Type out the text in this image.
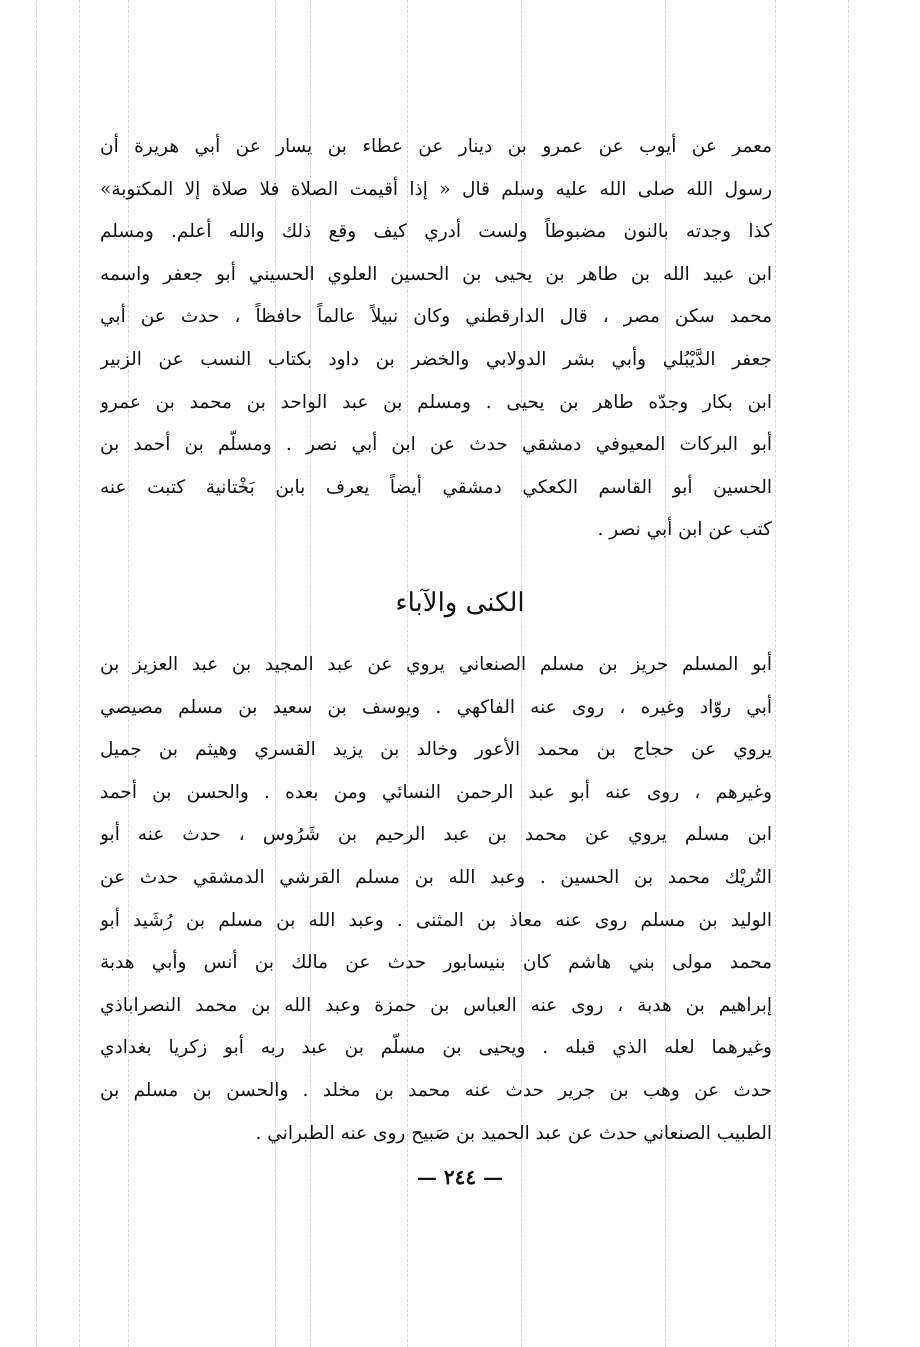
معمر عن أيوب عن عمرو بن دينار عن عطاء بن يسار عن أبي هريرة أن
رسول الله صلى الله عليه وسلم قال « إذا أقيمت الصلاة فلا صلاة إلا المكتوبة»
كذا وجدته بالنون مضبوطاً ولست أدري كيف وقع ذلك والله أعلم. ومسلم
ابن عبيد الله بن طاهر بن يحيى بن الحسين العلوي الحسيني أبو جعفر واسمه
محمد سكن مصر ، قال الدارقطني وكان نبيلاً عالماً حافظاً ، حدث عن أبي
جعفر الدَّيْبُلي وأبي بشر الدولابي والخضر بن داود بكتاب النسب عن الزبير
ابن بكار وجدّه طاهر بن يحيى . ومسلم بن عبد الواحد بن محمد بن عمرو
أبو البركات المعيوفي دمشقي حدث عن ابن أبي نصر . ومسلّم بن أحمد بن
الحسين أبو القاسم الكعكي دمشقي أيضاً يعرف بابن بَخْتانية كتبت عنه
كتب عن ابن أبي نصر .
الكنى والآباء
أبو المسلم حريز بن مسلم الصنعاني يروي عن عبد المجيد بن عبد العزيز بن
أبي روّاد وغيره ، روى عنه الفاكهي . ويوسف بن سعيد بن مسلم مصيصي
يروي عن حجاج بن محمد الأعور وخالد بن يزيد القسري وهيثم بن جميل
وغيرهم ، روى عنه أبو عبد الرحمن النسائي ومن بعده . والحسن بن أحمد
ابن مسلم يروي عن محمد بن عبد الرحيم بن شَرُوس ، حدث عنه أبو
التُريْك محمد بن الحسين . وعبد الله بن مسلم القرشي الدمشقي حدث عن
الوليد بن مسلم روى عنه معاذ بن المثنى . وعبد الله بن مسلم بن رُشَيد أبو
محمد مولى بني هاشم كان بنيسابور حدث عن مالك بن أنس وأبي هدبة
إبراهيم بن هدبة ، روى عنه العباس بن حمزة وعبد الله بن محمد النصراباذي
وغيرهما لعله الذي قبله . ويحيى بن مسلّم بن عبد ربه أبو زكريا بغدادي
حدث عن وهب بن جرير حدث عنه محمد بن مخلد . والحسن بن مسلم بن
الطبيب الصنعاني حدث عن عبد الحميد بن صَبيح روى عنه الطبراني .
— ٢٤٤ —
